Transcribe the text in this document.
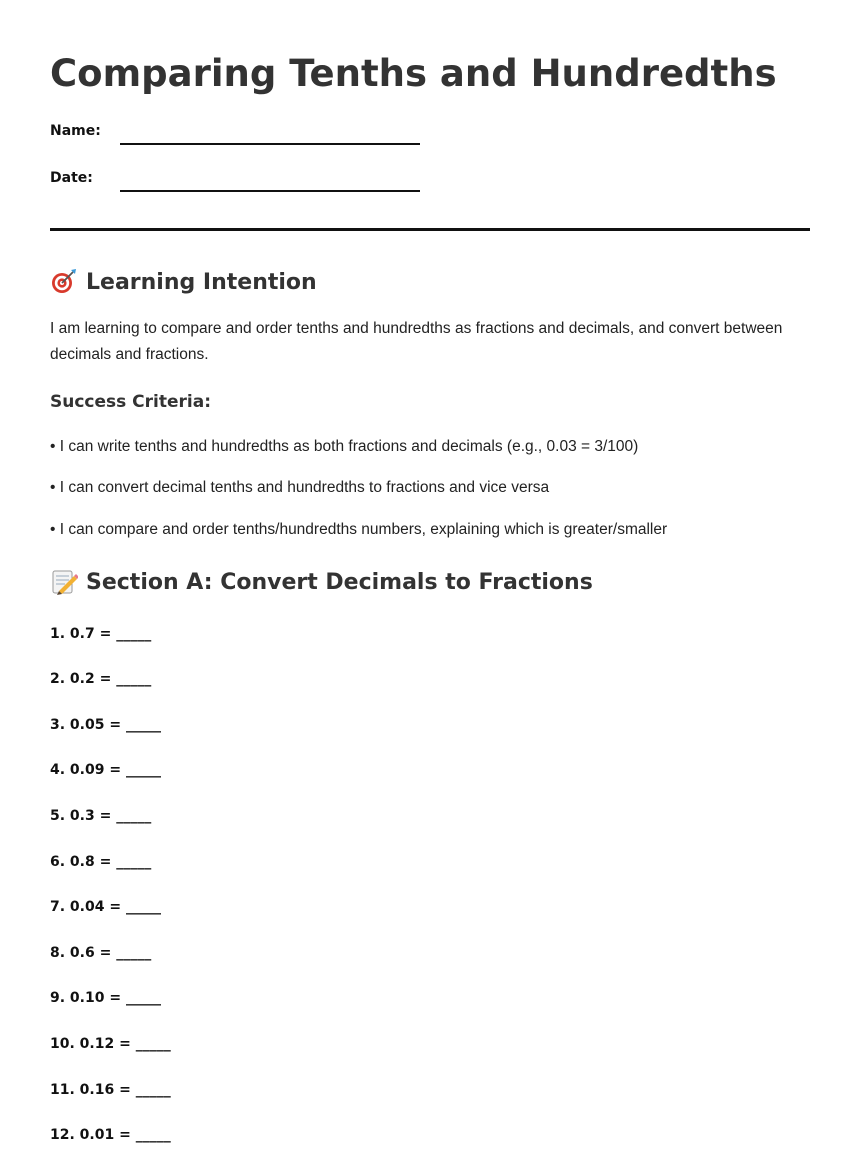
Comparing Tenths and Hundredths
Name:
Date:
Learning Intention

I am learning to compare and order tenths and hundredths as fractions and decimals, and convert between decimals and fractions.

Success Criteria:
• I can write tenths and hundredths as both fractions and decimals (e.g., 0.03 = 3/100)
• I can convert decimal tenths and hundredths to fractions and vice versa
• I can compare and order tenths/hundredths numbers, explaining which is greater/smaller
Section A: Convert Decimals to Fractions
1. 0.7 = _____
2. 0.2 = _____
3. 0.05 = _____
4. 0.09 = _____
5. 0.3 = _____
6. 0.8 = _____
7. 0.04 = _____
8. 0.6 = _____
9. 0.10 = _____
10. 0.12 = _____
11. 0.16 = _____
12. 0.01 = _____
